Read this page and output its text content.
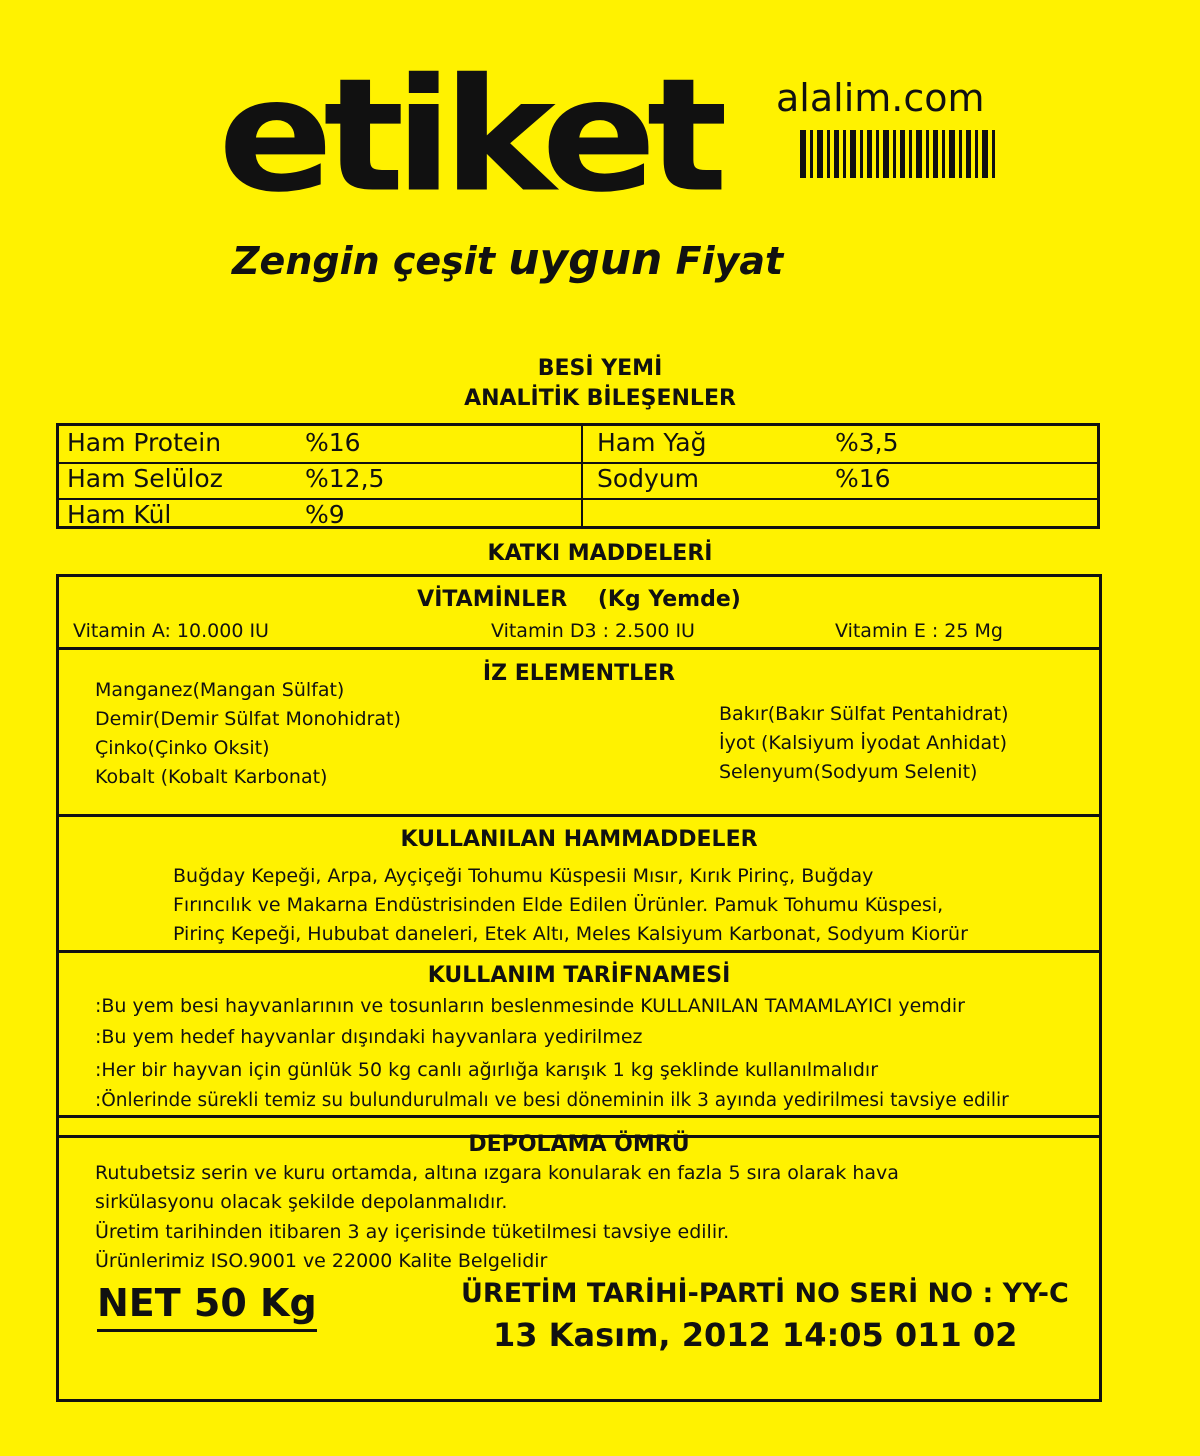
etiket alalim.com
Zengin çeşit uygun Fiyat
BESİ YEMİ
ANALİTİK BİLEŞENLER
Ham Protein	%16	Ham Yağ	%3,5
Ham Selüloz	%12,5	Sodyum	%16
Ham Kül	%9
KATKI MADDELERİ
VİTAMİNLER    (Kg Yemde)
Vitamin A: 10.000 IU	Vitamin D3 : 2.500 IU	Vitamin E : 25 Mg
İZ ELEMENTLER
Manganez(Mangan Sülfat)
Demir(Demir Sülfat Monohidrat)
Çinko(Çinko Oksit)
Kobalt (Kobalt Karbonat)
Bakır(Bakır Sülfat Pentahidrat)
İyot (Kalsiyum İyodat Anhidat)
Selenyum(Sodyum Selenit)
KULLANILAN HAMMADDELER
Buğday Kepeği, Arpa, Ayçiçeği Tohumu Küspesii Mısır, Kırık Pirinç, Buğday
Fırıncılık ve Makarna Endüstrisinden Elde Edilen Ürünler. Pamuk Tohumu Küspesi,
Pirinç Kepeği, Hububat daneleri, Etek Altı, Meles Kalsiyum Karbonat, Sodyum Kiorür
KULLANIM TARİFNAMESİ
:Bu yem besi hayvanlarının ve tosunların beslenmesinde KULLANILAN TAMAMLAYICI yemdir
:Bu yem hedef hayvanlar dışındaki hayvanlara yedirilmez
:Her bir hayvan için günlük 50 kg canlı ağırlığa karışık 1 kg şeklinde kullanılmalıdır
:Önlerinde sürekli temiz su bulundurulmalı ve besi döneminin ilk 3 ayında yedirilmesi tavsiye edilir
DEPOLAMA ÖMRÜ
Rutubetsiz serin ve kuru ortamda, altına ızgara konularak en fazla 5 sıra olarak hava
sirkülasyonu olacak şekilde depolanmalıdır.
Üretim tarihinden itibaren 3 ay içerisinde tüketilmesi tavsiye edilir.
Ürünlerimiz ISO.9001 ve 22000 Kalite Belgelidir
NET 50 Kg	ÜRETİM TARİHİ-PARTİ NO SERİ NO : YY-C
13 Kasım, 2012 14:05 011 02
